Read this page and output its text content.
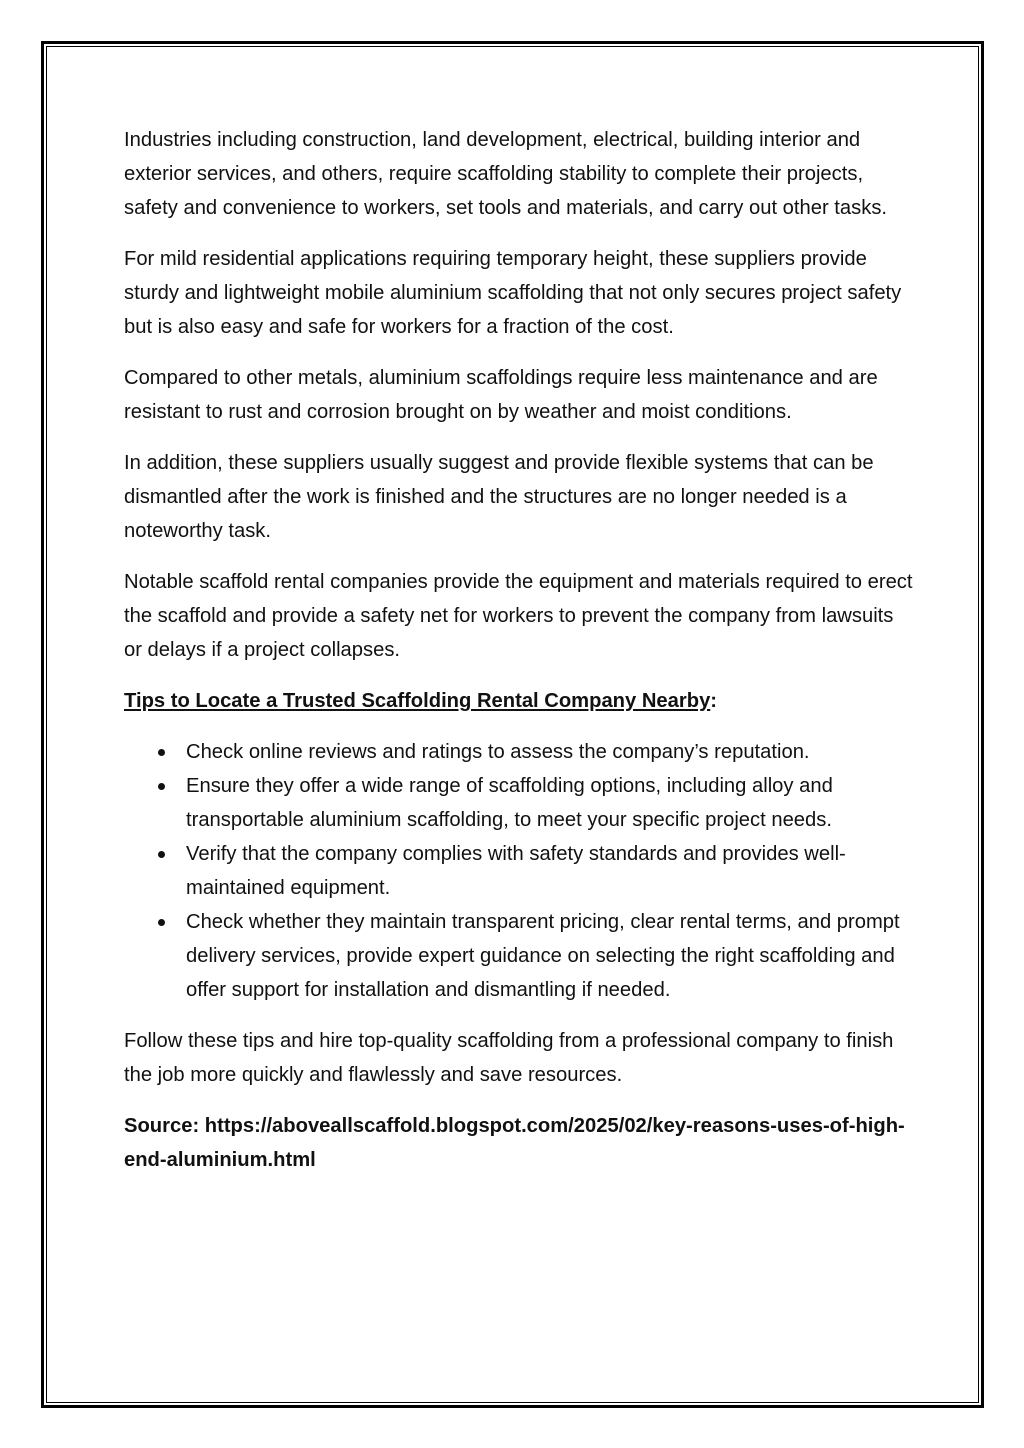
Industries including construction, land development, electrical, building interior and exterior services, and others, require scaffolding stability to complete their projects, safety and convenience to workers, set tools and materials, and carry out other tasks.

For mild residential applications requiring temporary height, these suppliers provide sturdy and lightweight mobile aluminium scaffolding that not only secures project safety but is also easy and safe for workers for a fraction of the cost.

Compared to other metals, aluminium scaffoldings require less maintenance and are resistant to rust and corrosion brought on by weather and moist conditions.

In addition, these suppliers usually suggest and provide flexible systems that can be dismantled after the work is finished and the structures are no longer needed is a noteworthy task.

Notable scaffold rental companies provide the equipment and materials required to erect the scaffold and provide a safety net for workers to prevent the company from lawsuits or delays if a project collapses.

Tips to Locate a Trusted Scaffolding Rental Company Nearby:

Check online reviews and ratings to assess the company’s reputation.
Ensure they offer a wide range of scaffolding options, including alloy and transportable aluminium scaffolding, to meet your specific project needs.
Verify that the company complies with safety standards and provides well-maintained equipment.
Check whether they maintain transparent pricing, clear rental terms, and prompt delivery services, provide expert guidance on selecting the right scaffolding and offer support for installation and dismantling if needed.

Follow these tips and hire top-quality scaffolding from a professional company to finish the job more quickly and flawlessly and save resources.

Source: https://aboveallscaffold.blogspot.com/2025/02/key-reasons-uses-of-high-end-aluminium.html
